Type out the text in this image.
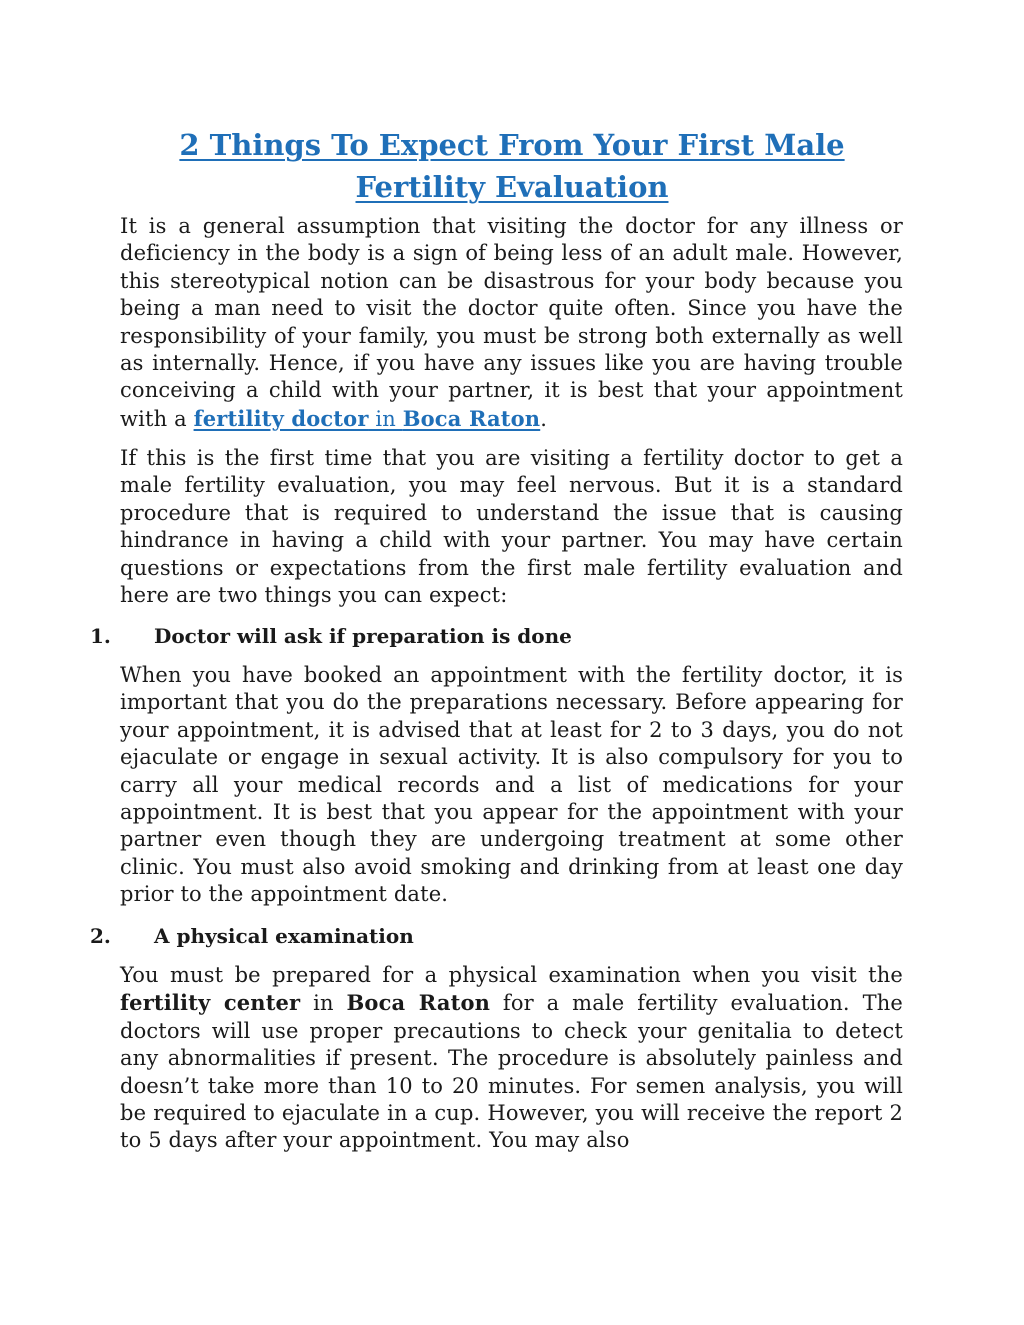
2 Things To Expect From Your First Male Fertility Evaluation

It is a general assumption that visiting the doctor for any illness or deficiency in the body is a sign of being less of an adult male. However, this stereotypical notion can be disastrous for your body because you being a man need to visit the doctor quite often. Since you have the responsibility of your family, you must be strong both externally as well as internally. Hence, if you have any issues like you are having trouble conceiving a child with your partner, it is best that your appointment with a fertility doctor in Boca Raton.

If this is the first time that you are visiting a fertility doctor to get a male fertility evaluation, you may feel nervous. But it is a standard procedure that is required to understand the issue that is causing hindrance in having a child with your partner. You may have certain questions or expectations from the first male fertility evaluation and here are two things you can expect:

1.	Doctor will ask if preparation is done

When you have booked an appointment with the fertility doctor, it is important that you do the preparations necessary. Before appearing for your appointment, it is advised that at least for 2 to 3 days, you do not ejaculate or engage in sexual activity. It is also compulsory for you to carry all your medical records and a list of medications for your appointment. It is best that you appear for the appointment with your partner even though they are undergoing treatment at some other clinic. You must also avoid smoking and drinking from at least one day prior to the appointment date.

2.	A physical examination

You must be prepared for a physical examination when you visit the fertility center in Boca Raton for a male fertility evaluation. The doctors will use proper precautions to check your genitalia to detect any abnormalities if present. The procedure is absolutely painless and doesn’t take more than 10 to 20 minutes. For semen analysis, you will be required to ejaculate in a cup. However, you will receive the report 2 to 5 days after your appointment. You may also
